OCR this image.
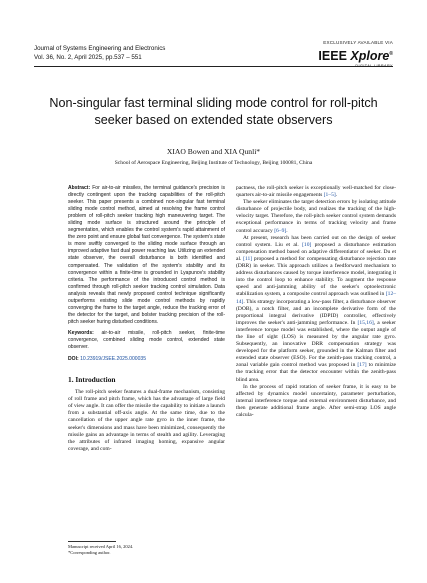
Journal of Systems Engineering and Electronics
Vol. 36, No. 2, April 2025, pp.537 – 551
EXCLUSIVELY AVAILABLE VIA
IEEE Xplore®
DIGITAL LIBRARY
Non-singular fast terminal sliding mode control for roll-pitch seeker based on extended state observers
XIAO Bowen and XIA Qunli*
School of Aerospace Engineering, Beijing Institute of Technology, Beijing 100081, China
Abstract: For air-to-air missiles, the terminal guidance's precision is directly contingent upon the tracking capabilities of the roll-pitch seeker. This paper presents a combined non-singular fast terminal sliding mode control method, aimed at resolving the frame control problem of roll-pitch seeker tracking high maneuvering target. The sliding mode surface is structured around the principle of segmentation, which enables the control system's rapid attainment of the zero point and ensure global fast convergence. The system's state is more swiftly converged to the sliding mode surface through an improved adaptive fast dual power reaching law. Utilizing an extended state observer, the overall disturbance is both identified and compensated. The validation of the system's stability and its convergence within a finite-time is grounded in Lyapunov's stability criteria. The performance of the introduced control method is confirmed through roll-pitch seeker tracking control simulation. Data analysis reveals that newly proposed control technique significantly outperforms existing slide mode control methods by rapidly converging the frame to the target angle, reduce the tracking error of the detector for the target, and bolster tracking precision of the roll-pitch seeker huring disturbed conditions.
Keywords: air-to-air missile, roll-pitch seeker, finite-time convergence, combined sliding mode control, extended state observer.
DOI: 10.23919/JSEE.2025.000035
1. Introduction

The roll-pitch seeker features a dual-frame mechanism, consisting of roll frame and pitch frame, which has the advantage of large field of view angle. It can offer the missile the capability to initiate a launch from a substantial off-axis angle. At the same time, due to the cancellation of the upper angle rate gyro in the inner frame, the seeker's dimensions and mass have been minimized, consequently the missile gains an advantage in terms of stealth and agility. Leveraging the attributes of infrared imaging homing, expansive angular coverage, and com-

pactness, the roll-pitch seeker is exceptionally well-matched for close-quarters air-to-air missile engagements [1–5].

The seeker eliminates the target detection errors by isolating attitude disturbance of projectile body, and realizes the tracking of the high-velocity target. Therefore, the roll-pitch seeker control system demands exceptional performance in terms of tracking velocity and frame control accuracy [6–9].

At present, research has been carried out on the design of seeker control system. Liu et al. [10] proposed a disturbance estimation compensation method based on adaptive differentiator of seeker. Du et al. [11] proposed a method for compensating disturbance rejection rate (DRR) in seeker. This approach utilizes a feedforward mechanism to address disturbances caused by torque interference model, integrating it into the control loop to enhance stability. To augment the response speed and anti-jamming ability of the seeker's optoelectronic stabilization system, a composite control approach was outlined in [12–14]. This strategy incorporating a low-pass filter, a disturbance observer (DOB), a notch filter, and an incomplete derivative form of the proportional integral derivative (IDPID) controller, effectively improves the seeker's anti-jamming performance. In [15,16], a seeker interference torque model was established, where the output angle of the line of sight (LOS) is measured by the angular rate gyro. Subsequently, an innovative DRR compensation strategy was developed for the platform seeker, grounded in the Kalman filter and extended state observer (ESO). For the zenith-pass tracking control, a zonal variable gain control method was proposed in [17] to minimize the tracking error that the detector encounter within the zenith-pass blind area.

In the process of rapid rotation of seeker frame, it is easy to be affected by dynamics model uncertainty, parameter perturbation, internal interference torque and external environment disturbance, and then generate additional frame angle. After semi-strap LOS angle calcula-

Manuscript received April 16, 2024.
*Corresponding author.
